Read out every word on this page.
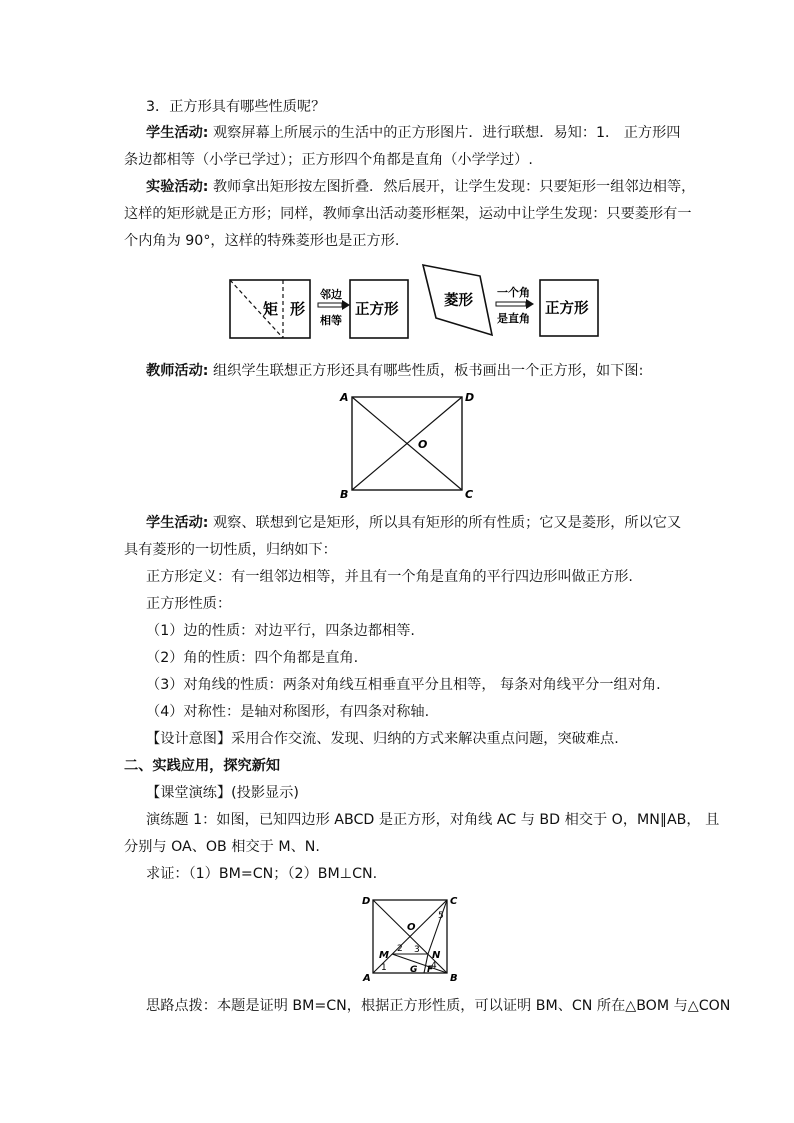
3．正方形具有哪些性质呢？
学生活动: 观察屏幕上所展示的生活中的正方形图片．进行联想．易知：1． 正方形四
条边都相等（小学已学过）；正方形四个角都是直角（小学学过）.
实验活动: 教师拿出矩形按左图折叠．然后展开，让学生发现：只要矩形一组邻边相等，
这样的矩形就是正方形；同样，教师拿出活动菱形框架，运动中让学生发现：只要菱形有一
个内角为 90°，这样的特殊菱形也是正方形.
矩 形
邻边
相等
正方形
菱形
一个角
是直角
正方形
教师活动: 组织学生联想正方形还具有哪些性质，板书画出一个正方形，如下图:
A	D
O
B	C
学生活动: 观察、联想到它是矩形，所以具有矩形的所有性质；它又是菱形，所以它又
具有菱形的一切性质，归纳如下：
正方形定义：有一组邻边相等，并且有一个角是直角的平行四边形叫做正方形.
正方形性质：
（1）边的性质：对边平行，四条边都相等.
（2）角的性质：四个角都是直角.
（3）对角线的性质：两条对角线互相垂直平分且相等， 每条对角线平分一组对角.
（4）对称性：是轴对称图形，有四条对称轴.
【设计意图】采用合作交流、发现、归纳的方式来解决重点问题，突破难点.
二、实践应用，探究新知
【课堂演练】(投影显示)
演练题 1：如图，已知四边形 ABCD 是正方形，对角线 AC 与 BD 相交于 O，MN∥AB， 且
分别与 OA、OB 相交于 M、N.
求证：（1）BM=CN；（2）BM⊥CN.
D	C
O
M	N
A	B
G F
1
2 3
4
5
思路点拨：本题是证明 BM=CN，根据正方形性质，可以证明 BM、CN 所在△BOM 与△CON
